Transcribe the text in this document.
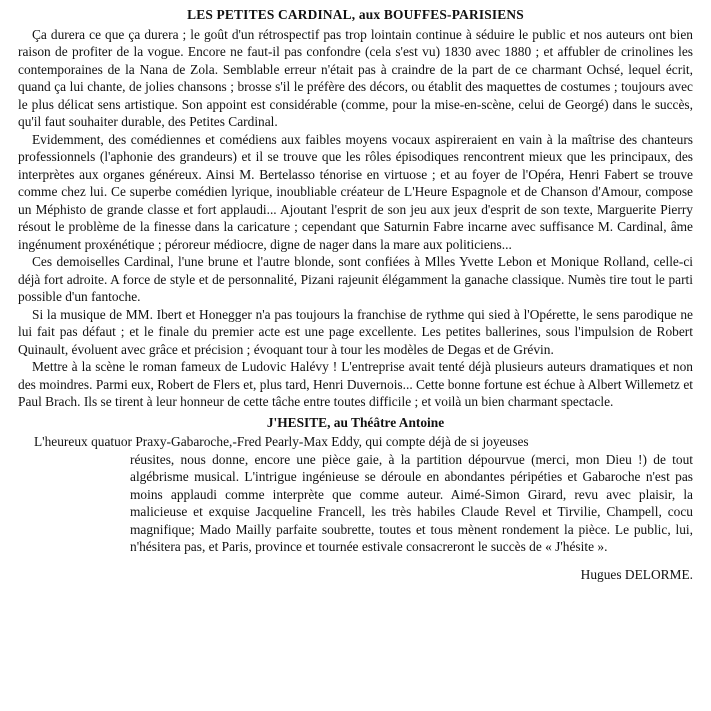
LES PETITES CARDINAL, aux BOUFFES-PARISIENS

Ça durera ce que ça durera ; le goût d'un rétrospectif pas trop lointain continue à séduire le public et nos auteurs ont bien raison de profiter de la vogue. Encore ne faut-il pas confondre (cela s'est vu) 1830 avec 1880 ; et affubler de crinolines les contemporaines de la Nana de Zola. Semblable erreur n'était pas à craindre de la part de ce charmant Ochsé, lequel écrit, quand ça lui chante, de jolies chansons ; brosse s'il le préfère des décors, ou établit des maquettes de costumes ; toujours avec le plus délicat sens artistique. Son appoint est considérable (comme, pour la mise-en-scène, celui de Georgé) dans le succès, qu'il faut souhaiter durable, des Petites Cardinal.

Evidemment, des comédiennes et comédiens aux faibles moyens vocaux aspireraient en vain à la maîtrise des chanteurs professionnels (l'aphonie des grandeurs) et il se trouve que les rôles épisodiques rencontrent mieux que les principaux, des interprètes aux organes généreux. Ainsi M. Bertelasso ténorise en virtuose ; et au foyer de l'Opéra, Henri Fabert se trouve comme chez lui. Ce superbe comédien lyrique, inoubliable créateur de L'Heure Espagnole et de Chanson d'Amour, compose un Méphisto de grande classe et fort applaudi... Ajoutant l'esprit de son jeu aux jeux d'esprit de son texte, Marguerite Pierry résout le problème de la finesse dans la caricature ; cependant que Saturnin Fabre incarne avec suffisance M. Cardinal, âme ingénument proxénétique ; péroreur médiocre, digne de nager dans la mare aux politiciens...

Ces demoiselles Cardinal, l'une brune et l'autre blonde, sont confiées à Mlles Yvette Lebon et Monique Rolland, celle-ci déjà fort adroite. A force de style et de personnalité, Pizani rajeunit élégamment la ganache classique. Numès tire tout le parti possible d'un fantoche.

Si la musique de MM. Ibert et Honegger n'a pas toujours la franchise de rythme qui sied à l'Opérette, le sens parodique ne lui fait pas défaut ; et le finale du premier acte est une page excellente. Les petites ballerines, sous l'impulsion de Robert Quinault, évoluent avec grâce et précision ; évoquant tour à tour les modèles de Degas et de Grévin.

Mettre à la scène le roman fameux de Ludovic Halévy ! L'entreprise avait tenté déjà plusieurs auteurs dramatiques et non des moindres. Parmi eux, Robert de Flers et, plus tard, Henri Duvernois... Cette bonne fortune est échue à Albert Willemetz et Paul Brach. Ils se tirent à leur honneur de cette tâche entre toutes difficile ; et voilà un bien charmant spectacle.

J'HESITE, au Théâtre Antoine

L'heureux quatuor Praxy-Gabaroche,-Fred Pearly-Max Eddy, qui compte déjà de si joyeuses

réusites, nous donne, encore une pièce gaie, à la partition dépourvue (merci, mon Dieu !) de tout algébrisme musical. L'intrigue ingénieuse se déroule en abondantes péripéties et Gabaroche n'est pas moins applaudi comme interprète que comme auteur. Aimé-Simon Girard, revu avec plaisir, la malicieuse et exquise Jacqueline Francell, les très habiles Claude Revel et Tirvilie, Champell, cocu magnifique; Mado Mailly parfaite soubrette, toutes et tous mènent rondement la pièce. Le public, lui, n'hésitera pas, et Paris, province et tournée estivale consacreront le succès de « J'hésite ».

Hugues DELORME.
